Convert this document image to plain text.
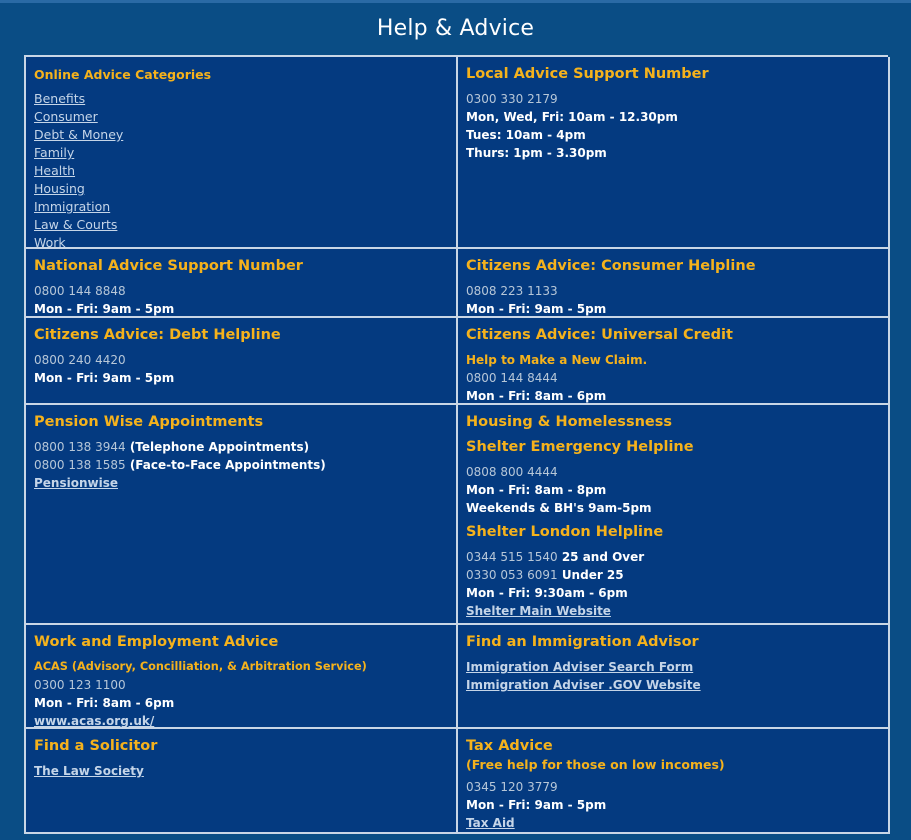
Help & Advice
Online Advice Categories
Benefits
Consumer
Debt & Money
Family
Health
Housing
Immigration
Law & Courts
Work
Local Advice Support Number
0300 330 2179
Mon, Wed, Fri: 10am - 12.30pm
Tues: 10am - 4pm
Thurs: 1pm - 3.30pm
National Advice Support Number
0800 144 8848
Mon - Fri: 9am - 5pm
Citizens Advice: Consumer Helpline
0808 223 1133
Mon - Fri: 9am - 5pm
Citizens Advice: Debt Helpline
0800 240 4420
Mon - Fri: 9am - 5pm
Citizens Advice: Universal Credit
Help to Make a New Claim.
0800 144 8444
Mon - Fri: 8am - 6pm
Pension Wise Appointments
0800 138 3944 (Telephone Appointments)
0800 138 1585 (Face-to-Face Appointments)
Pensionwise
Housing & Homelessness
Shelter Emergency Helpline
0808 800 4444
Mon - Fri: 8am - 8pm
Weekends & BH's 9am-5pm
Shelter London Helpline
0344 515 1540 25 and Over
0330 053 6091 Under 25
Mon - Fri: 9:30am - 6pm
Shelter Main Website
Work and Employment Advice
ACAS (Advisory, Concilliation, & Arbitration Service)
0300 123 1100
Mon - Fri: 8am - 6pm
www.acas.org.uk/
Find an Immigration Advisor
Immigration Adviser Search Form
Immigration Adviser .GOV Website
Find a Solicitor
The Law Society
Tax Advice
(Free help for those on low incomes)
0345 120 3779
Mon - Fri: 9am - 5pm
Tax Aid
